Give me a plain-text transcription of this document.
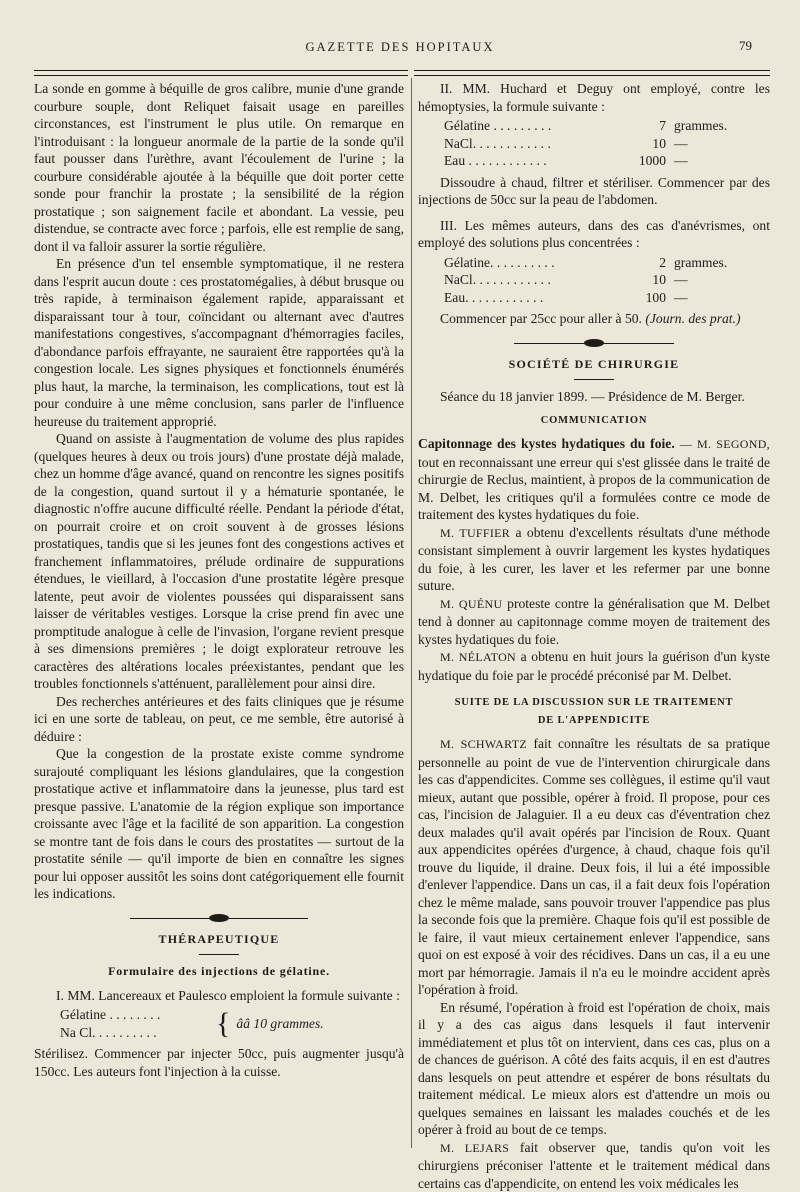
GAZETTE DES HOPITAUX	79

La sonde en gomme à béquille de gros calibre, munie d'une grande courbure souple, dont Reliquet faisait usage en pareilles circonstances, est l'instrument le plus utile. On remarque en l'introduisant : la longueur anormale de la partie de la sonde qu'il faut pousser dans l'urèthre, avant l'écoulement de l'urine ; la courbure considérable ajoutée à la béquille que doit porter cette sonde pour franchir la prostate ; la sensibilité de la région prostatique ; son saignement facile et abondant. La vessie, peu distendue, se contracte avec force ; parfois, elle est remplie de sang, dont il va falloir assurer la sortie régulière.

En présence d'un tel ensemble symptomatique, il ne restera dans l'esprit aucun doute : ces prostatomégalies, à début brusque ou très rapide, à terminaison également rapide, apparaissant et disparaissant tour à tour, coïncidant ou alternant avec d'autres manifestations congestives, s'accompagnant d'hémorragies faciles, d'abondance parfois effrayante, ne sauraient être rapportées qu'à la congestion locale. Les signes physiques et fonctionnels énumérés plus haut, la marche, la terminaison, les complications, tout est là pour conduire à une même conclusion, sans parler de l'influence heureuse du traitement approprié.

Quand on assiste à l'augmentation de volume des plus rapides (quelques heures à deux ou trois jours) d'une prostate déjà malade, chez un homme d'âge avancé, quand on rencontre les signes positifs de la congestion, quand surtout il y a hématurie spontanée, le diagnostic n'offre aucune difficulté réelle. Pendant la période d'état, on pourrait croire et on croit souvent à de grosses lésions prostatiques, tandis que si les jeunes font des congestions actives et franchement inflammatoires, prélude ordinaire de suppurations étendues, le vieillard, à l'occasion d'une prostatite légère presque latente, peut avoir de violentes poussées qui disparaissent sans laisser de véritables vestiges. Lorsque la crise prend fin avec une promptitude analogue à celle de l'invasion, l'organe revient presque à ses dimensions premières ; le doigt explorateur retrouve les caractères des altérations locales préexistantes, pendant que les troubles fonctionnels s'atténuent, parallèlement pour ainsi dire.

Des recherches antérieures et des faits cliniques que je résume ici en une sorte de tableau, on peut, ce me semble, être autorisé à déduire :

Que la congestion de la prostate existe comme syndrome surajouté compliquant les lésions glandulaires, que la congestion prostatique active et inflammatoire dans la jeunesse, plus tard est presque passive. L'anatomie de la région explique son importance croissante avec l'âge et la facilité de son apparition. La congestion se montre tant de fois dans le cours des prostatites — surtout de la prostatite sénile — qu'il importe de bien en connaître les signes pour lui opposer aussitôt les soins dont catégoriquement elle fournit les indications.

THÉRAPEUTIQUE
Formulaire des injections de gélatine.

I. MM. Lancereaux et Paulesco emploient la formule suivante :

Gélatine . . . . . . . .
Na Cl. . . . . . . . . .	{ ââ 10 grammes.

Stérilisez. Commencer par injecter 50cc, puis augmenter jusqu'à 150cc. Les auteurs font l'injection à la cuisse.

II. MM. Huchard et Deguy ont employé, contre les hémoptysies, la formule suivante :

Gélatine . . . . . . . . .	7 grammes.
NaCl. . . . . . . . . . . .	10 —
Eau . . . . . . . . . . . .	1000 —

Dissoudre à chaud, filtrer et stériliser. Commencer par des injections de 50cc sur la peau de l'abdomen.

III. Les mêmes auteurs, dans des cas d'anévrismes, ont employé des solutions plus concentrées :

Gélatine. . . . . . . . . .	2 grammes.
NaCl. . . . . . . . . . . .	10 —
Eau. . . . . . . . . . . .	100 —

Commencer par 25cc pour aller à 50. (Journ. des prat.)

SOCIÉTÉ DE CHIRURGIE

Séance du 18 janvier 1899. — Présidence de M. Berger.

COMMUNICATION

Capitonnage des kystes hydatiques du foie. — M. SEGOND, tout en reconnaissant une erreur qui s'est glissée dans le traité de chirurgie de Reclus, maintient, à propos de la communication de M. Delbet, les critiques qu'il a formulées contre ce mode de traitement des kystes hydatiques du foie.

M. TUFFIER a obtenu d'excellents résultats d'une méthode consistant simplement à ouvrir largement les kystes hydatiques du foie, à les curer, les laver et les refermer par une bonne suture.

M. QUÉNU proteste contre la généralisation que M. Delbet tend à donner au capitonnage comme moyen de traitement des kystes hydatiques du foie.

M. NÉLATON a obtenu en huit jours la guérison d'un kyste hydatique du foie par le procédé préconisé par M. Delbet.

SUITE DE LA DISCUSSION SUR LE TRAITEMENT
DE L'APPENDICITE

M. SCHWARTZ fait connaître les résultats de sa pratique personnelle au point de vue de l'intervention chirurgicale dans les cas d'appendicites. Comme ses collègues, il estime qu'il vaut mieux, autant que possible, opérer à froid. Il propose, pour ces cas, l'incision de Jalaguier. Il a eu deux cas d'éventration chez deux malades qu'il avait opérés par l'incision de Roux. Quant aux appendicites opérées d'urgence, à chaud, chaque fois qu'il trouve du liquide, il draine. Deux fois, il lui a été impossible d'enlever l'appendice. Dans un cas, il a fait deux fois l'opération chez le même malade, sans pouvoir trouver l'appendice pas plus la seconde fois que la première. Chaque fois qu'il est possible de le faire, il vaut mieux certainement enlever l'appendice, sans quoi on est exposé à voir des récidives. Dans un cas, il a eu une mort par hémorragie. Jamais il n'a eu le moindre accident après l'opération à froid.

En résumé, l'opération à froid est l'opération de choix, mais il y a des cas aigus dans lesquels il faut intervenir immédiatement et plus tôt on intervient, dans ces cas, plus on a de chances de guérison. A côté des faits acquis, il en est d'autres dans lesquels on peut attendre et espérer de bons résultats du traitement médical. Le mieux alors est d'attendre un mois ou quelques semaines en laissant les malades couchés et de les opérer à froid au bout de ce temps.

M. LEJARS fait observer que, tandis qu'on voit les chirurgiens préconiser l'attente et le traitement médical dans certains cas d'appendicite, on entend les voix médicales les
